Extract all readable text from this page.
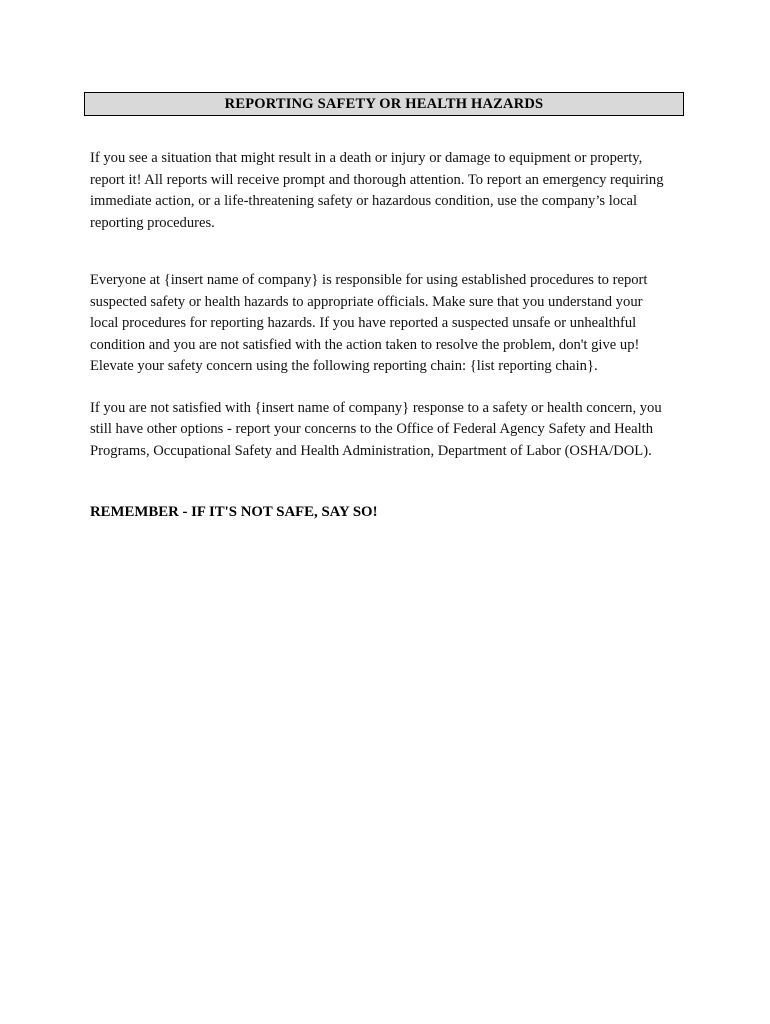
REPORTING SAFETY OR HEALTH HAZARDS

If you see a situation that might result in a death or injury or damage to equipment or property, report it! All reports will receive prompt and thorough attention. To report an emergency requiring immediate action, or a life-threatening safety or hazardous condition, use the company’s local reporting procedures.

Everyone at {insert name of company} is responsible for using established procedures to report suspected safety or health hazards to appropriate officials. Make sure that you understand your local procedures for reporting hazards. If you have reported a suspected unsafe or unhealthful condition and you are not satisfied with the action taken to resolve the problem, don't give up! Elevate your safety concern using the following reporting chain: {list reporting chain}.

If you are not satisfied with {insert name of company} response to a safety or health concern, you still have other options - report your concerns to the Office of Federal Agency Safety and Health Programs, Occupational Safety and Health Administration, Department of Labor (OSHA/DOL).

REMEMBER - IF IT'S NOT SAFE, SAY SO!
